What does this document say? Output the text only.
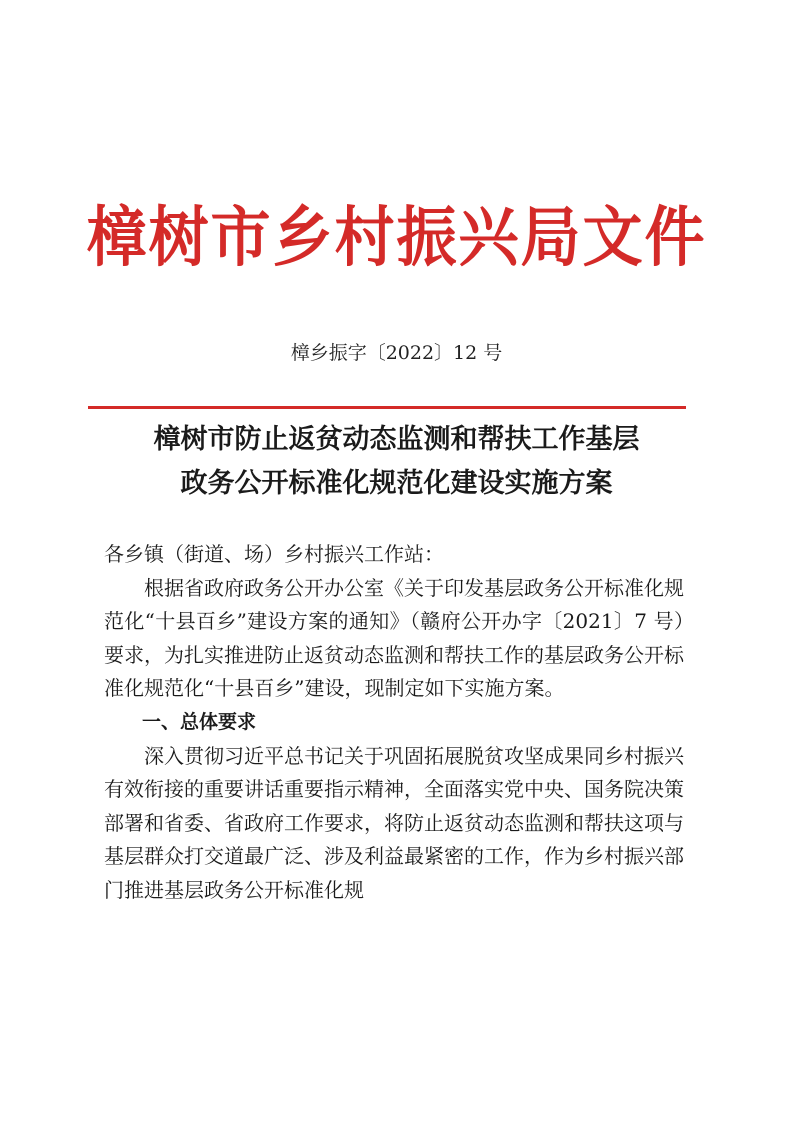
樟树市乡村振兴局文件
樟乡振字〔2022〕12 号
樟树市防止返贫动态监测和帮扶工作基层
政务公开标准化规范化建设实施方案

各乡镇（街道、场）乡村振兴工作站：

根据省政府政务公开办公室《关于印发基层政务公开标准化规范化“十县百乡”建设方案的通知》（赣府公开办字〔2021〕7 号）要求，为扎实推进防止返贫动态监测和帮扶工作的基层政务公开标准化规范化“十县百乡”建设，现制定如下实施方案。

一、总体要求

深入贯彻习近平总书记关于巩固拓展脱贫攻坚成果同乡村振兴有效衔接的重要讲话重要指示精神，全面落实党中央、国务院决策部署和省委、省政府工作要求，将防止返贫动态监测和帮扶这项与基层群众打交道最广泛、涉及利益最紧密的工作，作为乡村振兴部门推进基层政务公开标准化规
